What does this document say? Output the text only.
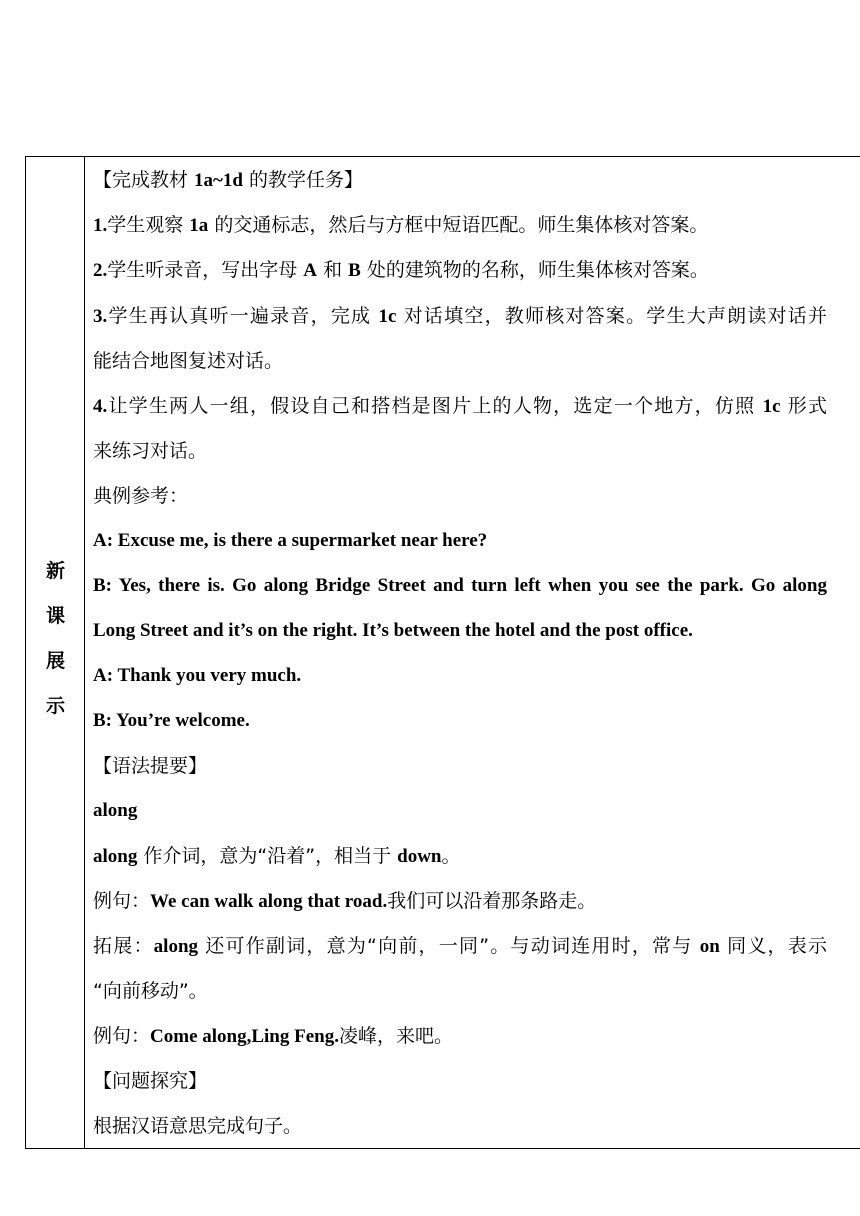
新
课
展
示
【完成教材 1a~1d 的教学任务】
1.学生观察 1a 的交通标志，然后与方框中短语匹配。师生集体核对答案。
2.学生听录音，写出字母 A 和 B 处的建筑物的名称，师生集体核对答案。
3.学生再认真听一遍录音，完成 1c 对话填空，教师核对答案。学生大声朗读对话并
能结合地图复述对话。
4.让学生两人一组，假设自己和搭档是图片上的人物，选定一个地方，仿照 1c 形式
来练习对话。
典例参考：
A: Excuse me, is there a supermarket near here?
B: Yes, there is. Go along Bridge Street and turn left when you see the park. Go along
Long Street and it’s on the right. It’s between the hotel and the post office.
A: Thank you very much.
B: You’re welcome.
【语法提要】
along
along 作介词，意为“沿着”，相当于 down。
例句：We can walk along that road.我们可以沿着那条路走。
拓展：along 还可作副词，意为“向前，一同”。与动词连用时，常与 on 同义，表示
“向前移动”。
例句：Come along,Ling Feng.凌峰，来吧。
【问题探究】
根据汉语意思完成句子。
